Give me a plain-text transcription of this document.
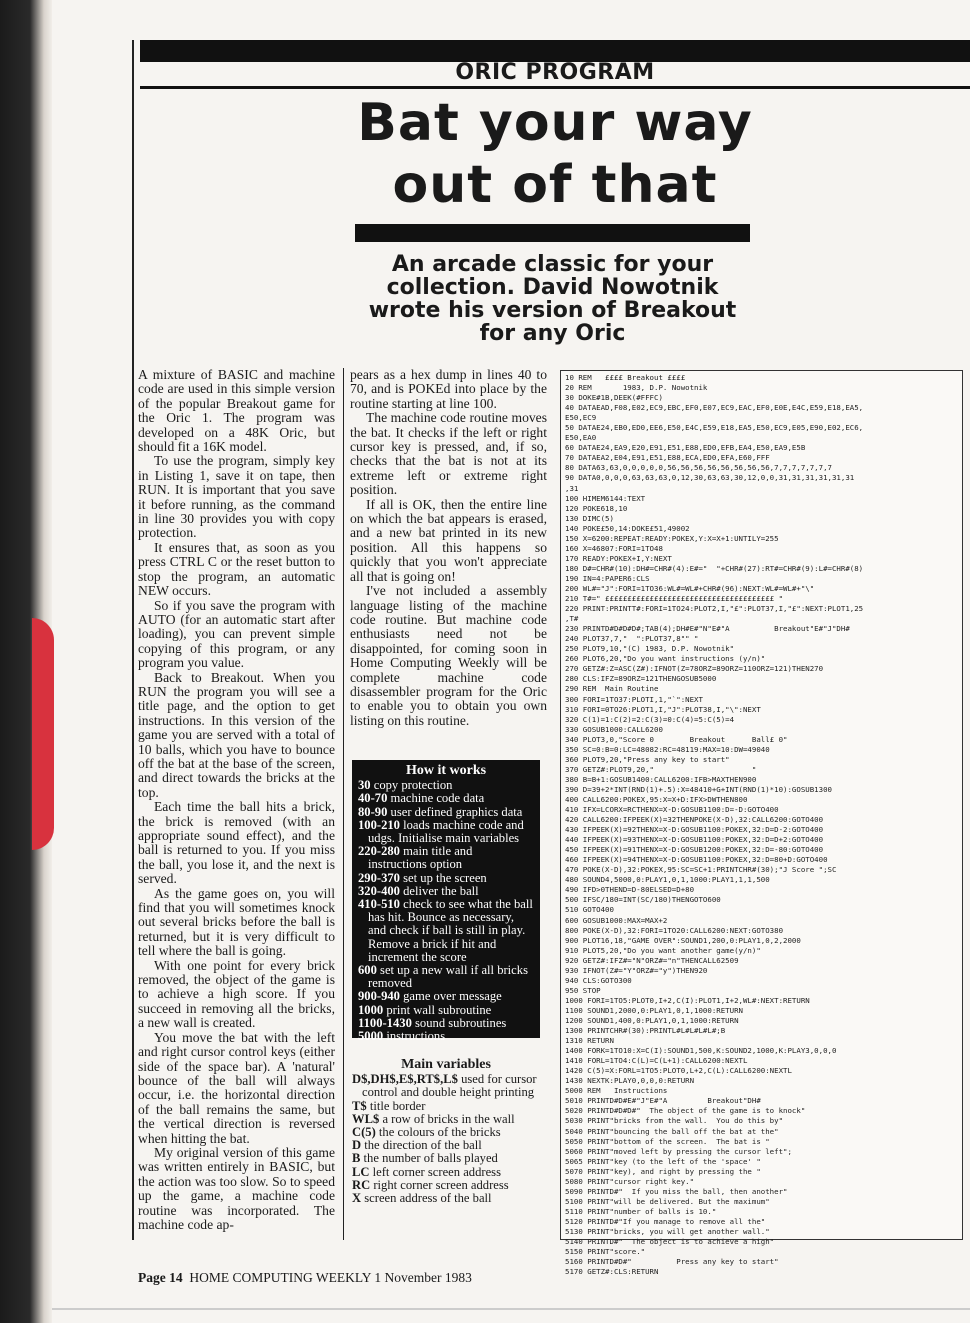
ORIC PROGRAM
Bat your way
out of that
An arcade classic for your collection. David Nowotnik wrote his version of Breakout for any Oric

A mixture of BASIC and machine code are used in this simple version of the popular Breakout game for the Oric 1. The program was developed on a 48K Oric, but should fit a 16K model.

To use the program, simply key in Listing 1, save it on tape, then RUN. It is important that you save it before running, as the command in line 30 provides you with copy protection.

It ensures that, as soon as you press CTRL C or the reset button to stop the program, an automatic NEW occurs.

So if you save the program with AUTO (for an automatic start after loading), you can prevent simple copying of this program, or any program you value.

Back to Breakout. When you RUN the program you will see a title page, and the option to get instructions. In this version of the game you are served with a total of 10 balls, which you have to bounce off the bat at the base of the screen, and direct towards the bricks at the top.

Each time the ball hits a brick, the brick is removed (with an appropriate sound effect), and the ball is returned to you. If you miss the ball, you lose it, and the next is served.

As the game goes on, you will find that you will sometimes knock out several bricks before the ball is returned, but it is very difficult to tell where the ball is going.

With one point for every brick removed, the object of the game is to achieve a high score. If you succeed in removing all the bricks, a new wall is created.

You move the bat with the left and right cursor control keys (either side of the space bar). A 'natural' bounce of the ball will always occur, i.e. the horizontal direction of the ball remains the same, but the vertical direction is reversed when hitting the bat.

My original version of this game was written entirely in BASIC, but the action was too slow. So to speed up the game, a machine code routine was incorporated. The machine code ap-

pears as a hex dump in lines 40 to 70, and is POKEd into place by the routine starting at line 100.

The machine code routine moves the bat. It checks if the left or right cursor key is pressed, and, if so, checks that the bat is not at its extreme left or extreme right position.

If all is OK, then the entire line on which the bat appears is erased, and a new bat printed in its new position. All this happens so quickly that you won't appreciate all that is going on!

I've not included a assembly language listing of the machine code routine. But machine code enthusiasts need not be disappointed, for coming soon in Home Computing Weekly will be complete machine code disassembler program for the Oric to enable you to obtain you own listing on this routine.

How it works
30 copy protection
40-70 machine code data
80-90 user defined graphics data
100-210 loads machine code and udgs. Initialise main variables
220-280 main title and instructions option
290-370 set up the screen
320-400 deliver the ball
410-510 check to see what the ball has hit. Bounce as necessary, and check if ball is still in play. Remove a brick if hit and increment the score
600 set up a new wall if all bricks removed
900-940 game over message
1000 print wall subroutine
1100-1430 sound subroutines
5000 instructions
Main variables
D$,DH$,E$,RT$,L$ used for cursor control and double height printing
T$ title border
WL$ a row of bricks in the wall
C(5) the colours of the bricks
D the direction of the ball
B the number of balls played
LC left corner screen address
RC right corner screen address
X screen address of the ball
10 REM   ££££ Breakout ££££
20 REM       1983, D.P. Nowotnik
30 DOKE#1B,DEEK(#FFFC)
40 DATAEAD,F08,E02,EC9,EBC,EF0,E07,EC9,EAC,EF0,E0E,E4C,E59,E18,EA5,
E50,EC9
50 DATAE24,EB0,ED0,EE6,E50,E4C,E59,E18,EA5,E50,EC9,E05,E90,E02,EC6,
E50,EA0
60 DATAE24,EA9,E20,E91,E51,E88,ED0,EFB,EA4,E50,EA9,E5B
70 DATAEA2,E04,E91,E51,E88,ECA,ED0,EFA,E60,FFF
80 DATA63,63,0,0,0,0,0,56,56,56,56,56,56,56,56,7,7,7,7,7,7,7
90 DATA0,0,0,0,63,63,63,0,12,30,63,63,30,12,0,0,31,31,31,31,31,31
,31
100 HIMEM6144:TEXT
120 POKE618,10
130 DIMC(5)
140 POKE£50,14:DOKE£51,49002
150 X=6200:REPEAT:READY:POKEX,Y:X=X+1:UNTILY=255
160 X=46807:FORI=1TO48
170 READY:POKEX+I,Y:NEXT
180 D#=CHR#(10):DH#=CHR#(4):E#="  "+CHR#(27):RT#=CHR#(9):L#=CHR#(8)
190 IN=4:PAPER6:CLS
200 WL#="J":FORI=1TO36:WL#=WL#+CHR#(96):NEXT:WL#=WL#+"\"
210 T#=" ££££££££££££££££££££££££££££££££££££££ "
220 PRINT:PRINTT#:FORI=1TO24:PLOT2,I,"£":PLOT37,I,"£":NEXT:PLOT1,25
,T#
230 PRINTD#D#D#D#;TAB(4);DH#E#"N"E#"A          Breakout"E#"J"DH#
240 PLOT37,7,"  ":PLOT37,8"" "
250 PLOT9,10,"(C) 1983, D.P. Nowotnik"
260 PLOT6,20,"Do you want instructions (y/n)"
270 GETZ#:Z=ASC(Z#):IFNOT(Z=78ORZ=89ORZ=110ORZ=121)THEN270
280 CLS:IFZ=89ORZ=121THENGOSUB5000
290 REM  Main Routine
300 FORI=1TO37:PLOTI,1,"`":NEXT
310 FORI=0TO26:PLOT1,I,"J":PLOT38,I,"\":NEXT
320 C(1)=1:C(2)=2:C(3)=0:C(4)=5:C(5)=4
330 GOSUB1000:CALL6200
340 PLOT3,0,"Score 0        Breakout      Ball£ 0"
350 SC=0:B=0:LC=48082:RC=48119:MAX=10:DW=49040
360 PLOT9,20,"Press any key to start"
370 GETZ#:PLOT9,20,"                      "
380 B=B+1:GOSUB1400:CALL6200:IFB>MAXTHEN900
390 D=39+2*INT(RND(1)+.5):X=48410+G+INT(RND(1)*10):GOSUB1300
400 CALL6200:POKEX,95:X=X+D:IFX>DWTHEN800
410 IFX=LCORX=RCTHENX=X-D:GOSUB1100:D=-D:GOTO400
420 CALL6200:IFPEEK(X)=32THENPOKE(X-D),32:CALL6200:GOTO400
430 IFPEEK(X)=92THENX=X-D:GOSUB1100:POKEX,32:D=D-2:GOTO400
440 IFPEEK(X)=93THENX=X-D:GOSUB1100:POKEX,32:D=D+2:GOTO400
450 IFPEEK(X)=91THENX=X-D:GOSUB1200:POKEX,32:D=-80:GOTO400
460 IFPEEK(X)=94THENX=X-D:GOSUB1100:POKEX,32:D=80+D:GOTO400
470 POKE(X-D),32:POKEX,95:SC=SC+1:PRINTCHR#(30);"J Score ";SC
480 SOUND4,5000,0:PLAY1,0,1,1000:PLAY1,1,1,500
490 IFD>0THEND=D-80ELSED=D+80
500 IFSC/180=INT(SC/180)THENGOTO600
510 GOTO400
600 GOSUB1000:MAX=MAX+2
800 POKE(X-D),32:FORI=1TO20:CALL6200:NEXT:GOTO380
900 PLOT16,18,"GAME OVER":SOUND1,200,0:PLAY1,0,2,2000
910 PLOT5,20,"Do you want another game(y/n)"
920 GETZ#:IFZ#="N"ORZ#="n"THENCALL62509
930 IFNOT(Z#="Y"ORZ#="y")THEN920
940 CLS:GOTO300
950 STOP
1000 FORI=1TO5:PLOT0,I+2,C(I):PLOT1,I+2,WL#:NEXT:RETURN
1100 SOUND1,2000,0:PLAY1,0,1,1000:RETURN
1200 SOUND1,400,0:PLAY1,0,1,1000:RETURN
1300 PRINTCHR#(30):PRINTL#L#L#L#L#;B
1310 RETURN
1400 FORK=1TO10:X=C(I):SOUND1,500,K:SOUND2,1000,K:PLAY3,0,0,0
1410 FORL=1TO4:C(L)=C(L+1):CALL6200:NEXTL
1420 C(5)=X:FORL=1TO5:PLOT0,L+2,C(L):CALL6200:NEXTL
1430 NEXTK:PLAY0,0,0,0:RETURN
5000 REM   Instructions
5010 PRINTD#D#E#"J"E#"A         Breakout"DH#
5020 PRINTD#D#D#"  The object of the game is to knock"
5030 PRINT"bricks from the wall.  You do this by"
5040 PRINT"bouncing the ball off the bat at the"
5050 PRINT"bottom of the screen.  The bat is "
5060 PRINT"moved left by pressing the cursor left";
5065 PRINT"key (to the left of the 'space' "
5070 PRINT"key), and right by pressing the "
5080 PRINT"cursor right key."
5090 PRINTD#"  If you miss the ball, then another"
5100 PRINT"will be delivered. But the maximum"
5110 PRINT"number of balls is 10."
5120 PRINTD#"If you manage to remove all the"
5130 PRINT"bricks, you will get another wall."
5140 PRINTD#"  The object is to achieve a high"
5150 PRINT"score."
5160 PRINTD#D#"          Press any key to start"
5170 GETZ#:CLS:RETURN
Page 14 HOME COMPUTING WEEKLY 1 November 1983
